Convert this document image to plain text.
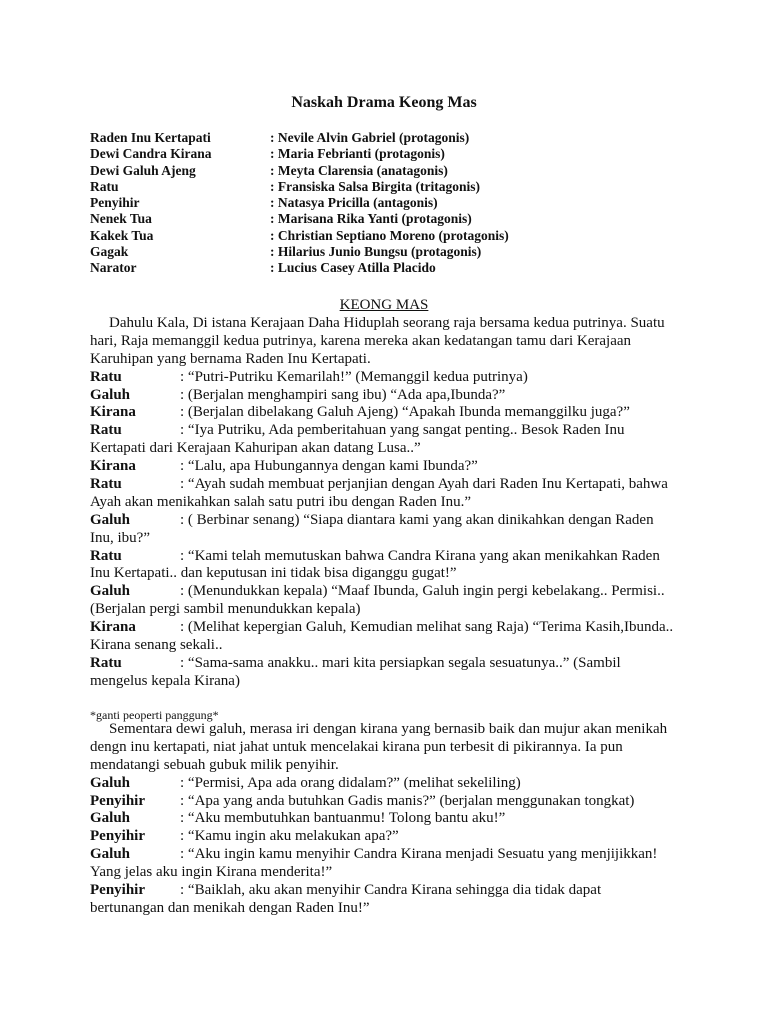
Naskah Drama Keong Mas
Raden Inu Kertapati	: Nevile Alvin Gabriel (protagonis)
Dewi Candra Kirana	: Maria Febrianti (protagonis)
Dewi Galuh Ajeng	: Meyta Clarensia (anatagonis)
Ratu	: Fransiska Salsa Birgita (tritagonis)
Penyihir	: Natasya Pricilla (antagonis)
Nenek Tua	: Marisana Rika Yanti (protagonis)
Kakek Tua	: Christian Septiano Moreno (protagonis)
Gagak	: Hilarius Junio Bungsu (protagonis)
Narator	: Lucius Casey Atilla Placido
KEONG MAS
Dahulu Kala, Di istana Kerajaan Daha Hiduplah seorang raja bersama kedua putrinya. Suatu
hari, Raja memanggil kedua putrinya, karena mereka akan kedatangan tamu dari Kerajaan
Karuhipan yang bernama Raden Inu Kertapati.
Ratu	: “Putri-Putriku Kemarilah!” (Memanggil kedua putrinya)
Galuh	: (Berjalan menghampiri sang ibu) “Ada apa,Ibunda?”
Kirana	: (Berjalan dibelakang Galuh Ajeng) “Apakah Ibunda memanggilku juga?”
Ratu	: “Iya Putriku, Ada pemberitahuan yang sangat penting.. Besok Raden Inu
Kertapati dari Kerajaan Kahuripan akan datang Lusa..”
Kirana	: “Lalu, apa Hubungannya dengan kami Ibunda?”
Ratu	: “Ayah sudah membuat perjanjian dengan Ayah dari Raden Inu Kertapati, bahwa
Ayah akan menikahkan salah satu putri ibu dengan Raden Inu.”
Galuh	: ( Berbinar senang) “Siapa diantara kami yang akan dinikahkan dengan Raden
Inu, ibu?”
Ratu	: “Kami telah memutuskan bahwa Candra Kirana yang akan menikahkan Raden
Inu Kertapati.. dan keputusan ini tidak bisa diganggu gugat!”
Galuh	: (Menundukkan kepala) “Maaf Ibunda, Galuh ingin pergi kebelakang.. Permisi..
(Berjalan pergi sambil menundukkan kepala)
Kirana	: (Melihat kepergian Galuh, Kemudian melihat sang Raja) “Terima Kasih,Ibunda..
Kirana senang sekali..
Ratu	: “Sama-sama anakku.. mari kita persiapkan segala sesuatunya..” (Sambil
mengelus kepala Kirana)
*ganti peoperti panggung*
Sementara dewi galuh, merasa iri dengan kirana yang bernasib baik dan mujur akan menikah
dengn inu kertapati, niat jahat untuk mencelakai kirana pun terbesit di pikirannya. Ia pun
mendatangi sebuah gubuk milik penyihir.
Galuh	: “Permisi, Apa ada orang didalam?” (melihat sekeliling)
Penyihir : “Apa yang anda butuhkan Gadis manis?” (berjalan menggunakan tongkat)
Galuh	: “Aku membutuhkan bantuanmu! Tolong bantu aku!”
Penyihir : “Kamu ingin aku melakukan apa?”
Galuh	: “Aku ingin kamu menyihir Candra Kirana menjadi Sesuatu yang menjijikkan!
Yang jelas aku ingin Kirana menderita!”
Penyihir : “Baiklah, aku akan menyihir Candra Kirana sehingga dia tidak dapat
bertunangan dan menikah dengan Raden Inu!”
